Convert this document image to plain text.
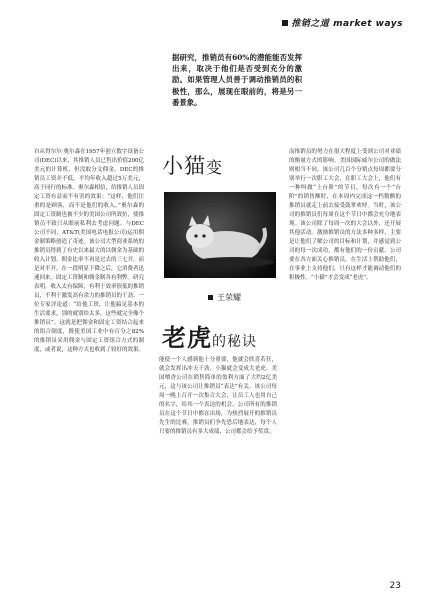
推销之道 market ways
据研究，推销员有60%的潜能能否发挥出来，取决于他们是否受到充分的激励。如果管理人员善于调动推销员的积极性，那么，展现在眼前的，将是另一番景象。
自从得尔尔·奥尔森在1957年创立数字设备公司(DEC)以来，其推销人员已售出价值200亿美元的计算机，但没取分文佣金。DEC的推销员工资并不低，平均年收入超过5万美元，高于同行的标准。奥尔森相信，给推销人员固定工资有益而不有害的效果：“这样，他们注重的是顾客，而不是他们的收入。”奥尔森的固定工资制也被不少的美国公司所效仿，使推销员不致只从眼前私利去考虑问题。与DEC公司不同，AT&T(美国电话电报公司)运用佣金制策略创造了奇迹。该公司大型商业系统的推销员得到了有史以来最大的以佣金为基础的收入计划。佣金比率不再是过去的三七开，而是对半开，在一段明显下降之后，它消费者迅速回来。固定工资制和佣金制各有利弊。研究表明，收入太有保障，有利于效率很低的推销员，不利于激发高有余力的推销员的干劲。一位专家评论道：“给他工资，让他搞足基本的生活要求，别的就别给太多，这些就完全像个推销员”。这就是把佣金和固定工资结合起来的组合制度，既使美国工业中有百分之82%的推销员采用佣金与固定工资组合方式的制度，或者说，这种方式也收到了较好的效果。
小猫变
王荣耀
老虎的秘诀
能使一个人感到他十分重要，他就会欣喜若狂，就会发挥出冲天干劲，小猫就会变成大老虎。美国喷香公司在销售简单的盈利方面了大约2亿美元，这与该公司让推销员“表达”有关。该公司每周一晚上召开一次集合大会，让员工人也用自己的名字，给其一个表达的机会。公司所有的推销员在这个节日中都在出场，为热烈展开的推销员先生的比赛，推销员们争先恐后地表达，每个人只要的推销员有多大成绩，公司都会给予奖赏。
而推销员的努力在很大程度上受到公司对业绩的衡量方式的影响。美国国际威尔公司的做法则相当不同。该公司几百个分销点每周都要分别举行一次职工大会，在职工大会上，他们有一种叫做“上台阶”的节目，每次有一个“台阶”的销售额时，在本周内完成这一档数额的推销员就走上前去接受鼓掌欢呼。当时，该公司的推销员们每周在这个节日中都会充分地表现。该公司除了每周一次的大会以外，还开展其他活动。激励推销员的方法多种多样，主要是让他们了解公司的目标和计划，并感觉到公司的每一次成功，都有他们的一份贡献。公司要在各方面关心推销员，在生活上帮助他们，在事业上支持他们，只有这样才能调动他们的积极性。“小猫”才会变成“老虎”。
23
